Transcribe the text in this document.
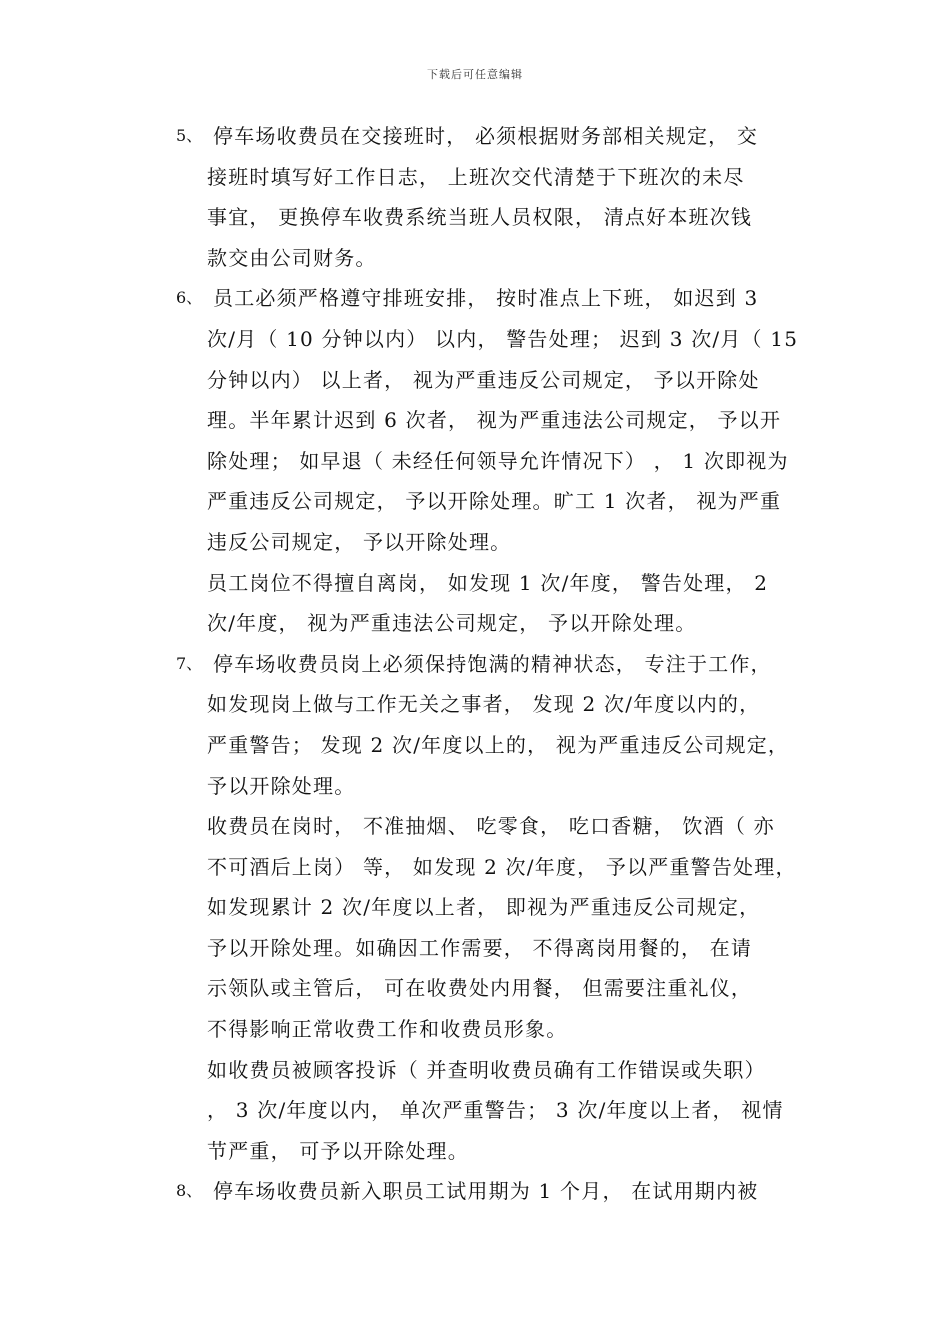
下载后可任意编辑
5、 停车场收费员在交接班时， 必须根据财务部相关规定， 交
接班时填写好工作日志， 上班次交代清楚于下班次的未尽
事宜， 更换停车收费系统当班人员权限， 清点好本班次钱
款交由公司财务。
6、 员工必须严格遵守排班安排， 按时准点上下班， 如迟到 3
次/月（ 10 分钟以内） 以内， 警告处理； 迟到 3 次/月（ 15
分钟以内） 以上者， 视为严重违反公司规定， 予以开除处
理。半年累计迟到 6 次者， 视为严重违法公司规定， 予以开
除处理； 如早退（ 未经任何领导允许情况下） ， 1 次即视为
严重违反公司规定， 予以开除处理。旷工 1 次者， 视为严重
违反公司规定， 予以开除处理。
员工岗位不得擅自离岗， 如发现 1 次/年度， 警告处理， 2
次/年度， 视为严重违法公司规定， 予以开除处理。
7、 停车场收费员岗上必须保持饱满的精神状态， 专注于工作，
如发现岗上做与工作无关之事者， 发现 2 次/年度以内的，
严重警告； 发现 2 次/年度以上的， 视为严重违反公司规定，
予以开除处理。
收费员在岗时， 不准抽烟、 吃零食， 吃口香糖， 饮酒（ 亦
不可酒后上岗） 等， 如发现 2 次/年度， 予以严重警告处理，
如发现累计 2 次/年度以上者， 即视为严重违反公司规定，
予以开除处理。如确因工作需要， 不得离岗用餐的， 在请
示领队或主管后， 可在收费处内用餐， 但需要注重礼仪，
不得影响正常收费工作和收费员形象。
如收费员被顾客投诉（ 并查明收费员确有工作错误或失职）
， 3 次/年度以内， 单次严重警告； 3 次/年度以上者， 视情
节严重， 可予以开除处理。
8、 停车场收费员新入职员工试用期为 1 个月， 在试用期内被
